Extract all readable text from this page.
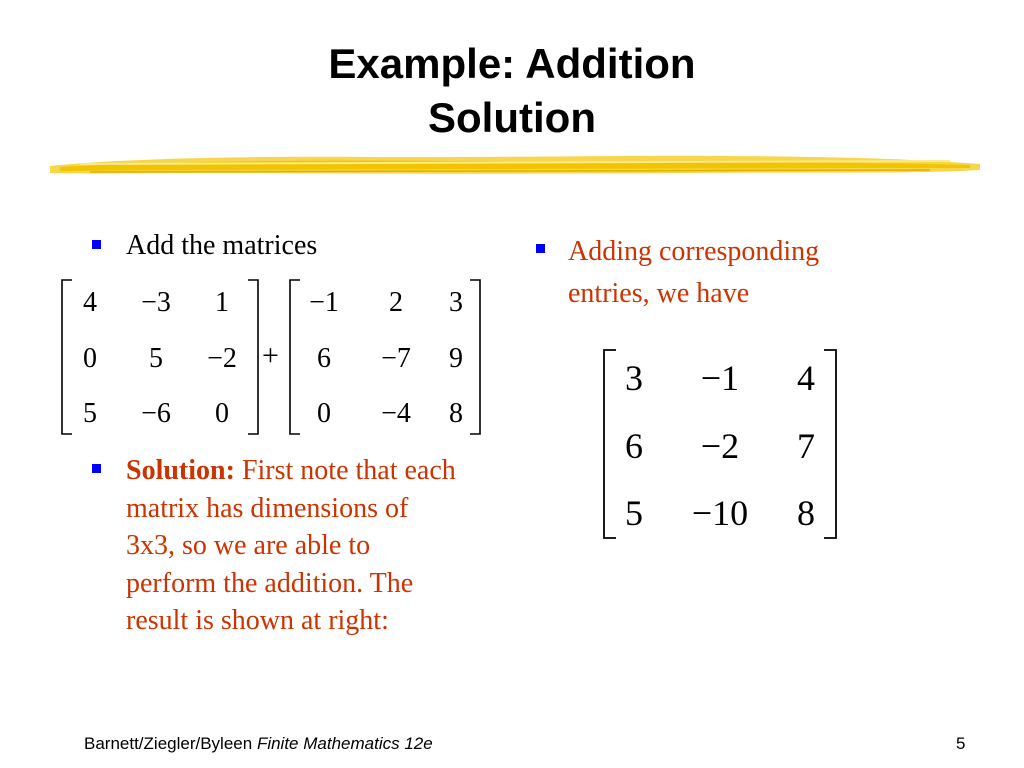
Example: Addition
Solution
Add the matrices
4 −3 1
0 5 −2
5 −6 0
+
−1 2 3
6 −7 9
0 −4 8
Solution: First note that each
matrix has dimensions of
3x3, so we are able to
perform the addition. The
result is shown at right:
Adding corresponding
entries, we have
3 −1 4
6 −2 7
5 −10 8
Barnett/Ziegler/Byleen Finite Mathematics 12e	5
